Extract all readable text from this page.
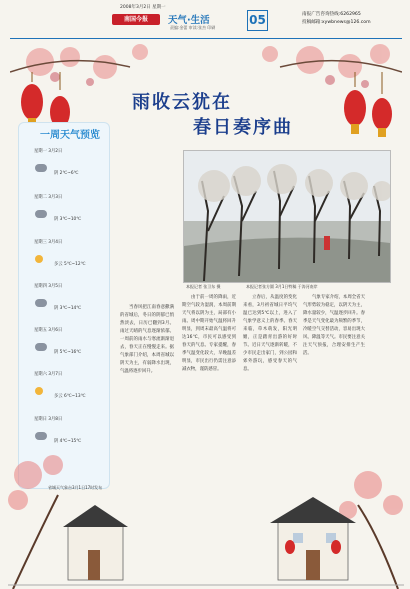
2008年3月2日 星期一
南国今报	天气·生活
责编:金蕾 审读:张杰 印刷
05	南报广告咨询热线:6262965
投稿邮箱:xywbnews@126.com
雨收云犹在
春日奏序曲
一周天气预览
星期一 3月2日
阴 2℃~6℃
星期二 3月3日
阴 3℃~10℃
星期三 3月4日
多云 5℃~12℃
星期四 3月5日
阴 3℃~14℃
星期五 3月6日
阴 5℃~16℃
星期六 3月7日
多云 6℃~13℃
星期日 3月8日
阴 4℃~15℃
省城天气象台3月1日17时发布
本报记者 张卫东 摄	本报记者张方圆 3月1日特稿 于涛河南岸

当春风把江南春意撒满的省城后，冬日的阴郁已悄然淡去，日历已翻到3月。雨过天晴的气息逐渐浓郁。一周前的雨水与寒流渐渐退去，春天正在慢慢走来。据气象部门介绍，本周省城以阴天为主，有弱降水出现，气温将逐步回升。

由于前一周的降雨，近期空气较为湿润，本周前期天气将以阴为主，局部有小雨。周中期开始气温将回升明显，到周末最高气温将可达16℃，市民可以感受到春天的气息。专家提醒，春季气温变化较大，早晚温差明显，市民出行仍需注意添减衣物，谨防感冒。

立春后，从温度的变化来看，3月初省城日平均气温已达到5℃以上，进入了气象学意义上的春季。春天来临，草木萌发，阳光明媚，正是踏青出游的好时节。近日天气逐渐转暖，不少市民走出家门，到公园和郊外游玩，感受春天的气息。

气象专家介绍，本周全省天气形势较为稳定，以阴天为主，降水量较少，气温逐步回升。春季是天气变化最为频繁的季节，冷暖空气交替活动，容易出现大风、降温等天气。市民要注意关注天气预报，合理安排生产生活。
